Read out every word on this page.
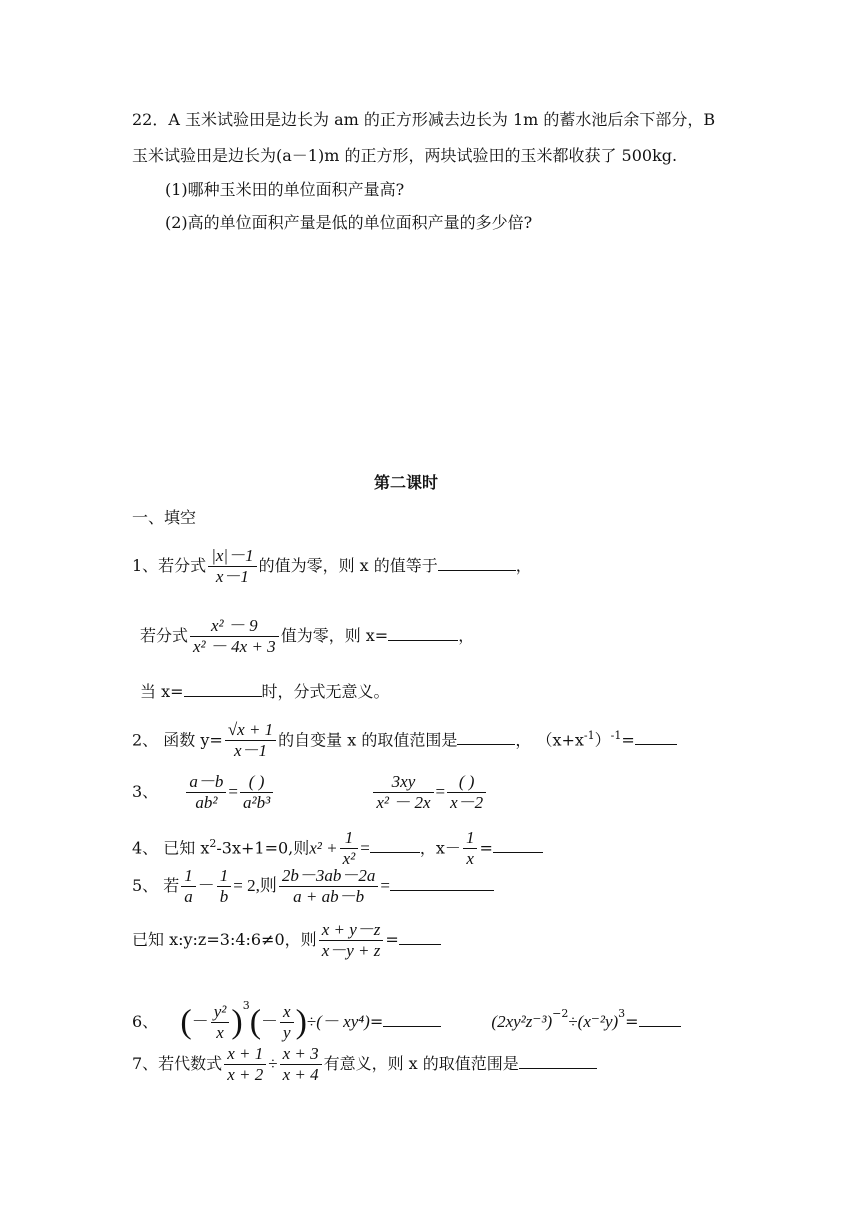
22．A 玉米试验田是边长为 am 的正方形减去边长为 1m 的蓄水池后余下部分，B
玉米试验田是边长为(a－1)m 的正方形，两块试验田的玉米都收获了 500kg.
(1)哪种玉米田的单位面积产量高?
(2)高的单位面积产量是低的单位面积产量的多少倍?
第二课时
一、填空
1、若分式 $\frac{|x|-1}{x-1}$ 的值为零，则 x 的值等于	，
若分式 $\frac{\text{x² － 9}}{\text{x² － 4x + 3}}$ 值为零，则 x=	，
当 x=	时，分式无意义。
2、 函数 $y= \frac{√x + 1}{x-1}$ 的自变量 x 的取值范围是	， $(x+x^{-1})^{-1}=$
3、 $\frac{a-b}{\text{ab²}} = \frac{( )}{\text{a²b³}}$
	$\frac{3xy}{\text{x² － 2x}} = \frac{( )}{x-2}$
4、 已知 $x^2-3x+1=0$,则$x^2 + \frac{1}{\text{x²}}$ =	，$x- \frac{1}{x}$ =
5、 若 $\frac{1}{a} - \frac{1}{b} = 2$,则 $\frac{2b-3ab-2a}{a + ab-b}$ =
已知 x:y:z=3:4:6≠0，则 $\frac{x + y-z}{x-y + z}$ =
6、 (－ $\frac{\text{y²}}{x} )^3(- \frac{x}{y}$ )÷(－ xy⁴)=	$(2xy^2z^{-3})^{-2}\div(x^{-2}y)^3=$
7、若代数式 $\frac{x + 1}{x + 2} \div \frac{x + 3}{x + 4}$ 有意义，则 x 的取值范围是
